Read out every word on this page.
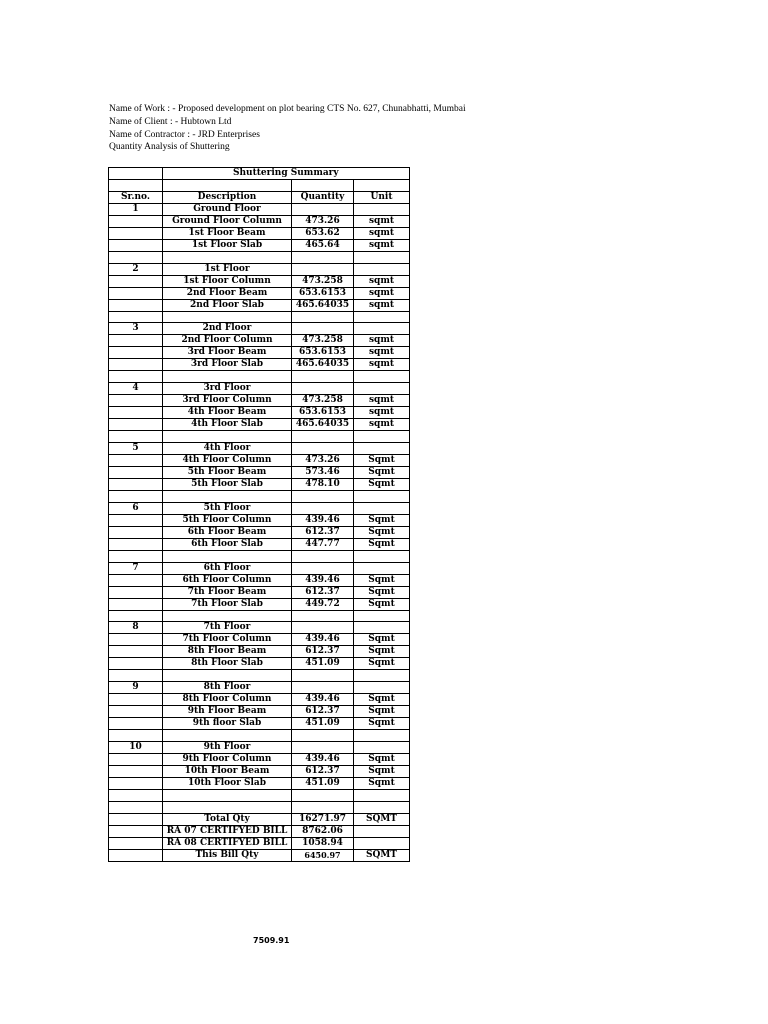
Name of Work : - Proposed development on plot bearing CTS No. 627, Chunabhatti, Mumbai
Name of Client : - Hubtown Ltd
Name of Contractor : - JRD Enterprises
Quantity Analysis of Shuttering
	Shuttering Summary		

Sr.no.	Description	Quantity	Unit
1	Ground Floor		
	Ground Floor Column	473.26	sqmt
	1st Floor Beam	653.62	sqmt
	1st Floor Slab	465.64	sqmt

2	1st Floor		
	1st Floor Column	473.258	sqmt
	2nd Floor Beam	653.6153	sqmt
	2nd Floor Slab	465.64035	sqmt

3	2nd Floor		
	2nd Floor Column	473.258	sqmt
	3rd Floor Beam	653.6153	sqmt
	3rd Floor Slab	465.64035	sqmt

4	3rd Floor		
	3rd Floor Column	473.258	sqmt
	4th Floor Beam	653.6153	sqmt
	4th Floor Slab	465.64035	sqmt

5	4th Floor		
	4th Floor Column	473.26	Sqmt
	5th Floor Beam	573.46	Sqmt
	5th Floor Slab	478.10	Sqmt

6	5th Floor		
	5th Floor Column	439.46	Sqmt
	6th Floor Beam	612.37	Sqmt
	6th Floor Slab	447.77	Sqmt

7	6th Floor		
	6th Floor Column	439.46	Sqmt
	7th Floor Beam	612.37	Sqmt
	7th Floor Slab	449.72	Sqmt

8	7th Floor		
	7th Floor Column	439.46	Sqmt
	8th Floor Beam	612.37	Sqmt
	8th Floor Slab	451.09	Sqmt

9	8th Floor		
	8th Floor Column	439.46	Sqmt
	9th Floor Beam	612.37	Sqmt
	9th floor Slab	451.09	Sqmt

10	9th Floor		
	9th Floor Column	439.46	Sqmt
	10th Floor Beam	612.37	Sqmt
	10th Floor Slab	451.09	Sqmt

	Total Qty	16271.97	SQMT
	RA 07 CERTIFYED BILL	8762.06	
	RA 08 CERTIFYED BILL	1058.94	
	This Bill Qty	6450.97	SQMT
7509.91
